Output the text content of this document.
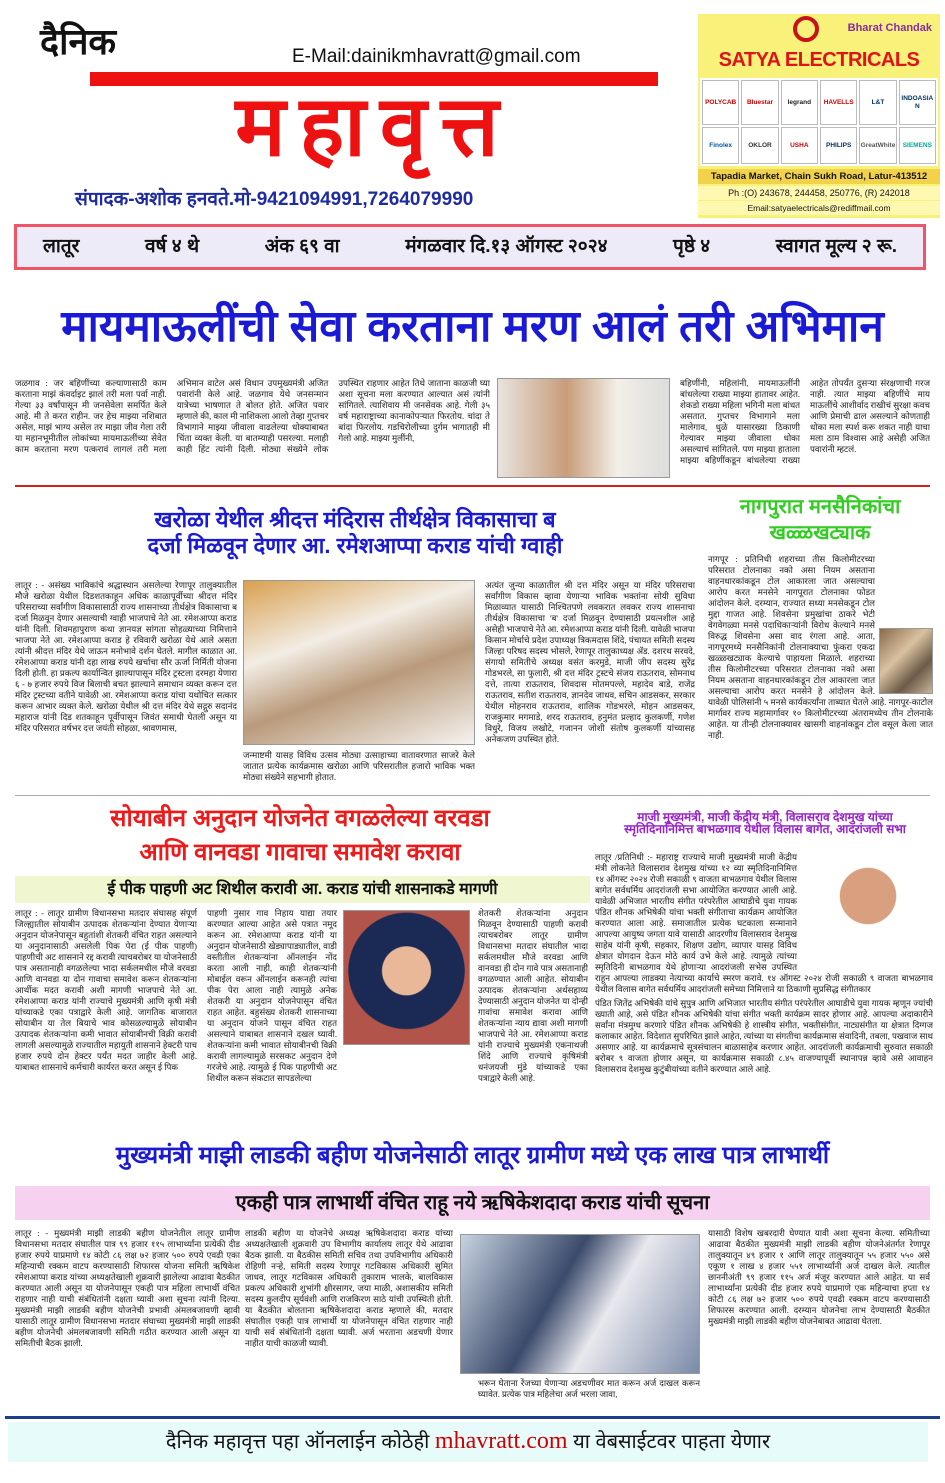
दैनिक	E-Mail:dainikmhavratt@gmail.com
महावृत्त
संपादक-अशोक हनवते.मो-9421094991,7264079990
Bharat Chandak
SATYA ELECTRICALS
POLYCAB	Bluestar	legrand	HAVELLS	L&T
INDOASIAN
Finolex	OKLOR	USHA	PHILIPS	GreatWhite	SIEMENS
Tapadia Market, Chain Sukh Road, Latur-413512
Ph :(O) 243678, 244458, 250776, (R) 242018
Email:satyaelectricals@rediffmail.com
लातूर	वर्ष ४ थे	अंक ६९ वा	मंगळवार दि.१३ ऑगस्ट २०२४	पृष्ठे ४	स्वागत मूल्य २ रू.
मायमाऊलींची सेवा करताना मरण आलं तरी अभिमान
जळगाव : जर बहिणींच्या कल्याणासाठी काम करताना माझं कंवर्दाइट झालं तरी मला पर्वा नाही. गेल्या ३३ वर्षांपासून मी जनसेवेला समर्पित केले आहे. मी ते करत राहीन. जर हेच माझ्या नशिबात असेल, माझं भाग्य असेल तर माझा जीव गेला तरी या महानभूमीतील लोकांच्या मायमाऊलींच्या सेवेत काम करताना मरण पत्करावं लागलं तरी मला अभिमान वाटेल असं विधान उपमुख्यमंत्री अजित पवारांनी केले आहे. जळगाव येथे जनसन्मान यात्रेच्या भाषणात ते बोलत होते. अजित पवार म्हणाले की, काल मी नाशिकला आलो तेव्हा गुप्तचर विभागाने माझ्या जीवाला वाढलेल्या धोक्याबाबत चिंता व्यक्त केली. या बातम्याही पसरल्या. मलाही काही हिंट त्यांनी दिली. मोठ्या संख्येने लोक उपस्थित राहणार आहेत तिथे जाताना काळजी घ्या अशा सूचना मला करण्यात आल्यात असं त्यांनी सांगितले. त्याशिवाय मी जनसेवक आहे. गेली ३५ वर्ष महाराष्ट्राच्या कानाकोपऱ्यात फिरतोय. चांदा ते बांदा फिरलोय. गडचिरोलीच्या दुर्गम भागातही मी गेलो आहे. माझ्या मुलींनी,
बहिणींनी, महिलांनी, मायमाऊलींनी बांधलेल्या राख्या माझ्या हातावर आहेत. शेकडो राख्या महिला भगिनी मला बांधत असतात. गुप्तचर विभागाने मला मालेगाव, धुळे यासारख्या ठिकाणी गेल्यावर माझ्या जीवाला धोका असल्याचं सांगितले. पण माझ्या हाताला माझ्या बहिणींकडून बांधलेल्या राख्या आहेत तोपर्यंत दुसऱ्या संरक्षणाची गरज नाही. त्यात माझ्या बहिणींचे माय माऊलींचे आशीर्वाद राखीचं सुरक्षा कवच आणि प्रेमाची ढाल असल्याने कोणताही धोका मला स्पर्श करू शकत नाही याचा मला ठाम विश्वास आहे असेही अजित पवारांनी म्हटलं.
खरोळा येथील श्रीदत्त मंदिरास तीर्थक्षेत्र विकासाचा ब
दर्जा मिळवून देणार आ. रमेशआप्पा कराड यांची ग्वाही
लातूर : - असंख्य भाविकांचे श्रद्धास्थान असलेल्या रेणापूर तालुक्यातील मौजे खरोळा येथील दिडशतकाहून अधिक काळापूर्वीच्या श्रीदत्त मंदिर परिसराच्या सर्वांगीण विकासासाठी राज्य शासनाच्या तीर्थक्षेत्र विकासाचा ब दर्जा मिळवून देणार असल्याची ग्वाही भाजपाचे नेते आ. रमेशआप्पा कराड यांनी दिली. शिवमहापुराण कथा ज्ञानयज्ञ सांगता सोहळ्याच्या निमित्ताने भाजपा नेते आ. रमेशआप्पा कराड हे रविवारी खरोळा येथे आले असता त्यांनी श्रीदत्त मंदिर येथे जाऊन मनोभावे दर्शन घेतले. मागील काळात आ. रमेशआप्पा कराड यांनी दहा लाख रुपये खर्चाचा सौर ऊर्जा निर्मिती योजना दिली होती. हा प्रकल्प कार्यान्वित झाल्यापासून मंदिर ट्रस्टला दरमहा येणारा ६ - ७ हजार रुपये विज बिलाची बचत झाल्याने समाधान व्यक्त करून दत्त मंदिर ट्रस्टच्या वतीने यावेळी आ. रमेशआप्पा कराड यांचा यथोचित सत्कार करून आभार व्यक्त केले. खरोळा येथील श्री दत्त मंदिर येथे सद्गुरु सदानंद महाराज यांनी दिड शतकाहून पूर्वीपासून जिवंत समाधी घेतली असून या मंदिर परिसरात वर्षभर दत्त जयंती सोहळा, श्रावणमास,
जन्माष्टमी यासह विविध उत्सव मोठ्या उत्साहाच्या वातावरणात साजरे केले जातात प्रत्येक कार्यक्रमास खरोळा आणि परिसरातील हजारो भाविक भक्त मोठ्या संख्येने सहभागी होतात.
अत्यंत जुन्या काळातील श्री दत्त मंदिर असून या मंदिर परिसराचा सर्वांगीण विकास व्हावा येणाऱ्या भाविक भक्तांना सोयी सुविधा मिळाव्यात यासाठी निश्चितपणे लवकरात लवकर राज्य शासनाचा तीर्थक्षेत्र विकासाचा 'ब' दर्जा मिळवून देण्यासाठी प्रयत्नशील आहे असेही भाजपाचे नेते आ. रमेशआप्पा कराड यांनी दिली. यावेळी भाजपा किसान मोर्चाचे प्रदेश उपाध्यक्ष त्रिकमदास शिंदे, पंचायत समिती सदस्य जिल्हा परिषद सदस्य भोसले, रेणापूर तालुकाध्यक्ष ॲड. दशरथ सरवदे, संगायो समितीचे अध्यक्ष वसंत करमुडे, माजी जीप सदस्य सुरेंद्र गोडभरले, सा फुलारी, श्री दत्त मंदिर ट्रस्टचे संजय राऊतराव, सोमनाथ दत्ते, तात्या राऊतराव, शिवदास मोतमपल्ले, महादेव बाडे, राजेंद्र राऊतराव, सतीश राऊतराव, ज्ञानदेव जाधव, सचिन आडसकर, सरकार येथील मोहनराव राऊतराव, शालिक गोडभरले, मोहन आडसकर, राजकुमार मगमाडे, शरद राऊतराव, हनुमंत प्रल्हाद कुलकर्णी, गणेश विधुरे, विजय लखोटे, गजानन जोशी संतोष कुलकर्णी यांच्यासह अनेकजण उपस्थित होते.
नागपुरात मनसैनिकांचा
खळ्ळखट्याक
नागपूर : प्रतिनिधी शहराच्या तीस किलोमीटरच्या परिसरात टोलनाका नको असा नियम असताना वाहनधारकांकडून टोल आकारला जात असल्याचा आरोप करत मनसेने नागपूरात टोलनाका फोडत आंदोलन केले. दरम्यान, राज्यात सध्या मनसेकडून टोल मुद्दा गाजत आहे. शिवसेना प्रमुखांचा ठाकरे भेटी वेगवेगळ्या मनसे पदाधिकाऱ्यांनी विरोध केल्याने मनसे विरुद्ध शिवसेना असा वाद रंगला आहे. आता, नागपूरमध्ये मनसैनिकांनी टोलनाक्याचा फुंकरा एकदा खळ्ळखट्याक केल्याचे पाहायला मिळाले. शहराच्या तीस किलोमीटरच्या परिसरात टोलनाका नको असा नियम असताना वाहनधारकांकडून टोल आकारला जात असल्याचा आरोप करत मनसेने हे आंदोलन केले. यावेळी पोलिसांनी ५ मनसे कार्यकर्त्यांना ताब्यात घेतले आहे. नागपूर-काटोल मार्गावर राज्य महामार्गावर १० किलोमीटरच्या अंतरामध्येच तीन टोलनाके आहेत. या तीन्ही टोलनाक्यावर खासगी वाहनांकडून टोल वसूल केला जात नाही.
सोयाबीन अनुदान योजनेत वगळलेल्या वरवडा
आणि वानवडा गावाचा समावेश करावा
ई पीक पाहणी अट शिथील करावी आ. कराड यांची शासनाकडे मागणी
लातूर : - लातूर ग्रामीण विधानसभा मतदार संघासह संपूर्ण जिल्ह्यातील सोयाबीन उत्पादक शेतकऱ्यांना देण्यात येणाऱ्या अनुदान योजनेपासून बहुतांशी शेतकरी वंचित राहत असल्याने या अनुदानासाठी असलेली पिक पेरा (ई पीक पाहणी) पाहणीची अट शासनाने रद्द करावी त्याचबरोबर या योजनेसाठी पात्र असतानाही वगळलेल्या भादा सर्कलमधील मौजे वरवडा आणि वानवडा या दोन गावाचा समावेश करून शेतकऱ्यांना आर्थीक मदत करावी अशी मागणी भाजपाचे नेते आ. रमेशआप्पा कराड यांनी राज्याचे मुख्यमंत्री आणि कृषी मंत्री यांच्याकडे एका पत्राद्वारे केली आहे. जागतिक बाजारात सोयाबीन या तेल बियाचे भाव कोसळल्यामुळे सोयाबीन उत्पादक शेतकऱ्यांना कमी भावात सोयाबीनची विक्री करावी लागली असल्यामुळे राज्यातील महायुती शासनाने हेक्टरी पाच हजार रुपये दोन हेक्टर पर्यंत मदत जाहीर केली आहे. याबाबत शासनाचे कर्मचारी कार्यरत करत असून ई पिक
पाहणी नुसार गाव निहाय याद्या तयार करण्यात आल्या आहेत असे पत्रात नमूद करून आ. रमेशआप्पा कराड यांनी या अनुदान योजनेसाठी खेड्यापाड्यातील, वाडी वस्तीतील शेतकऱ्यांना ऑनलाईन नोंद करता आली नाही, काही शेतकऱ्यांनी मोबाईल वरून ऑनलाईन करूनही त्यांचा पीक पेरा आला नाही त्यामुळे अनेक शेतकरी या अनुदान योजनेपासून वंचित राहत आहेत. बहुसंख्य शेतकरी शासनाच्या या अनुदान योजने पासून वंचित राहत असल्याने याबाबत शासनाने दखल घ्यावी. शेतकऱ्यांना कमी भावात सोयाबीनची विक्री करावी लागल्यामुळे सरसकट अनुदान देणे गरजेचे आहे. त्यामुळे ई पिक पाहणीची अट शिथील करून संकटात सापडलेल्या
शेतकरी शेतकऱ्यांना अनुदान मिळवून देण्यासाठी पाहणी करावी त्याचबरोबर लातूर ग्रामीण विधानसभा मतदार संघातील भादा सर्कलमधील मौजे वरवडा आणि वानवडा ही दोन गावे पात्र असतानाही वगळण्यात आली आहेत. सोयाबीन उत्पादक शेतकऱ्यांना अर्थसहाय्य देण्यासाठी अनुदान योजनेत या दोन्ही गावांचा समावेश करावा आणि शेतकऱ्यांना न्याय द्यावा अशी मागणी भाजपाचे नेते आ. रमेशआप्पा कराड यांनी राज्याचे मुख्यमंत्री एकनाथजी शिंदे आणि राज्याचे कृषिमंत्री धनंजयजी मुंडे यांच्याकडे एका पत्राद्वारे केली आहे.
माजी मुख्यमंत्री, माजी केंद्रीय मंत्री, विलासराव देशमुख यांच्या
स्मृतिदिनानिमित्त बाभळगाव येथील विलास बागेत, आदरांजली सभा
लातूर /प्रतिनिधी :- महाराष्ट्र राज्याचे माजी मुख्यमंत्री माजी केंद्रीय मंत्री लोकनेते विलासराव देशमुख यांच्या १२ व्या स्मृतिदिनानिमित्त १४ ऑगस्ट २०२४ रोजी सकाळी ९ वाजता बाभळगाव येथील विलास बागेत सर्वधर्मिय आदरांजली सभा आयोजित करण्यात आली आहे. यावेळी अभिजात भारतीय संगीत परंपरेतील आघाडीचे युवा गायक पंडित शौनक अभिषेकी यांचा भक्ती संगीताचा कार्यक्रम आयोजित करण्यात आला आहे. समाजातील प्रत्येक घटकाला सन्मानाने आपल्या आयुष्य जगता यावे यासाठी आदरणीय विलासराव देशमुख साहेब यांनी कृषी, सहकार, शिक्षण उद्योग, व्यापार यासह विविध क्षेत्रात योगदान देऊन मोठे कार्य उभे केले आहे. त्यामुळे त्यांच्या स्मृतिदिनी बाभळगाव येथे होणाऱ्या आदरांजली सभेस उपस्थित राहून आपल्या लाडक्या नेत्याच्या कार्याचे स्मरण करावे. १४ ऑगस्ट २०२४ रोजी सकाळी ९ वाजता बाभळगाव येथील विलास बागेत सर्वधर्मिय आदरांजली समेच्या निमित्ताने या ठिकाणी सुप्रसिद्ध संगीतकार
पंडित जितेंद्र अभिषेकी यांचे सुपुत्र आणि अभिजात भारतीय संगीत परंपरेतील आघाडीचे युवा गायक म्हणून ज्यांची ख्याती आहे, असे पंडित शौनक अभिषेकी यांचा संगीत भक्ती कार्यक्रम सादर होणार आहे. आपल्या अदाकारीने सर्वांना मंत्रमुग्ध करणारे पंडित शौनक अभिषेकी हे शास्त्रीय संगीत, भक्तीसंगीत, नाट्यसंगीत या क्षेत्रात दिग्गज कलाकार आहेत. विदेशात सुपरिचित झाले आहेत, त्यांच्या या संगतीचा कार्यक्रमास संवादिनी, तबला, पखवाज साथ असणार आहे. या कार्यक्रमाचे सूत्रसंचालन बाळासाहेब करणार आहेत. आदरांजली कार्यक्रमाची सुरुवात सकाळी बरोबर ९ वाजता होणार असून, या कार्यक्रमास सकाळी ८.४५ वाजण्यापूर्वी स्थानापन्न व्हावे असे आवाहन विलासराव देशमुख कुटुंबीयांच्या वतीने करण्यात आले आहे.
मुख्यमंत्री माझी लाडकी बहीण योजनेसाठी लातूर ग्रामीण मध्ये एक लाख पात्र लाभार्थी
एकही पात्र लाभार्थी वंचित राहू नये ऋषिकेशदादा कराड यांची सूचना
लातूर : - मुख्यमंत्री माझी लाडकी बहीण योजनेतील लातूर ग्रामीण विधानसभा मतदार संघातील पात्र ९९ हजार ११५ लाभार्थ्यांना प्रत्येकी दीड हजार रुपये याप्रमाणे १४ कोटी ८६ लक्ष ७२ हजार ५०० रुपये एवढी एका महिन्याची रक्कम वाटप करण्यासाठी शिफारस योजना समिती ऋषिकेश रमेशआप्पा कराड यांच्या अध्यक्षतेखाली शुक्रवारी झालेल्या आढावा बैठकीत करण्यात आली असून या योजनेपासून एकही पात्र महिला लाभार्थी वंचित राहणार नाही याची संबंधितांनी दक्षता घ्यावी अशा सूचना त्यांनी दिल्या. मुख्यमंत्री माझी लाडकी बहीण योजनेची प्रभावी अंमलबजावणी व्हावी यासाठी लातूर ग्रामीण विधानसभा मतदार संघाच्या मुख्यमंत्री माझी लाडकी बहीण योजनेची अंमलबजावणी समिती गठीत करण्यात आली असून या समितीची बैठक झाली.
लाडकी बहीण या योजनेचे अध्यक्ष ऋषिकेशदादा कराड यांच्या अध्यक्षतेखाली शुक्रवारी उप विभागीय कार्यालय लातूर येथे आढावा बैठक झाली. या बैठकीस समिती सचिव तथा उपविभागीय अधिकारी रोहिणी नऱ्हे, समिती सदस्य रेणापूर गटविकास अधिकारी सुमित जाधव, लातूर गटविकास अधिकारी तुकाराम भालके, बालविकास प्रकल्प अधिकारी शुभांगी क्षीरसागर, जया माळी, अशासकीय समिती सदस्य कुलदीप सूर्यवंशी आणि राजकिरण साठे यांची उपस्थिती होती. या बैठकीत बोलताना ऋषिकेशदादा कराड म्हणाले की, मतदार संघातील एकही पात्र लाभार्थी या योजनेपासून वंचित राहणार नाही याची सर्व संबंधितांनी दक्षता घ्यावी. अर्ज भरताना अडचणी येणार नाहीत याची काळजी घ्यावी.
भरून घेताना रेंजच्या येणाऱ्या अडचणीवर मात करून अर्ज दाखल करून घ्यावेत. प्रत्येक पात्र महिलेचा अर्ज भरला जावा,
यासाठी विशेष खबरदारी घेण्यात यावी अशा सूचना केल्या. समितीच्या आढावा बैठकीत मुख्यमंत्री माझी लाडकी बहीण योजनेअंतर्गत रेणापूर तालुक्यातून ४९ हजार १ आणि लातूर तालुक्यातून ५५ हजार ५५० असे एकूण १ लाख ४ हजार ५५१ लाभार्थ्यांनी अर्ज दाखल केले. त्यातील छाननीअंती ९९ हजार ११५ अर्ज मंजूर करण्यात आले आहेत. या सर्व लाभार्थ्यांना प्रत्येकी दीड हजार रुपये याप्रमाणे एक महिन्याचा हप्ता १४ कोटी ८६ लक्ष ७२ हजार ५०० रुपये एवढी रक्कम वाटप करण्यासाठी शिफारस करण्यात आली. दरम्यान योजनेचा लाभ देण्यासाठी बैठकीत मुख्यमंत्री माझी लाडकी बहीण योजनेबाबत आढावा घेतला.
दैनिक महावृत्त पहा ऑनलाईन कोठेही mhavratt.com या वेबसाईटवर पाहता येणार
